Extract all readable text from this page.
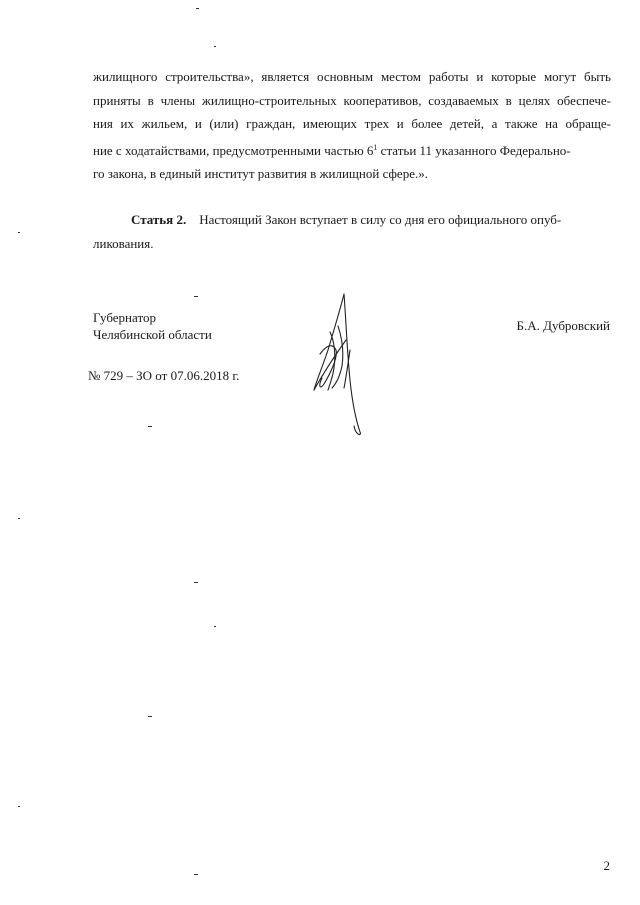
жилищного строительства», является основным местом работы и которые могут быть
приняты в члены жилищно-строительных кооперативов, создаваемых в целях обеспече-
ния их жильем, и (или) граждан, имеющих трех и более детей, а также на обраще-
ние с ходатайствами, предусмотренными частью $6^1$ статьи 11 указанного Федерально-
го закона, в единый институт развития в жилищной сфере.».
Статья 2. Настоящий Закон вступает в силу со дня его официального опуб-
ликования.
Губернатор
Челябинской области
Б.А. Дубровский
№ 729 – ЗО от 07.06.2018 г.
2
